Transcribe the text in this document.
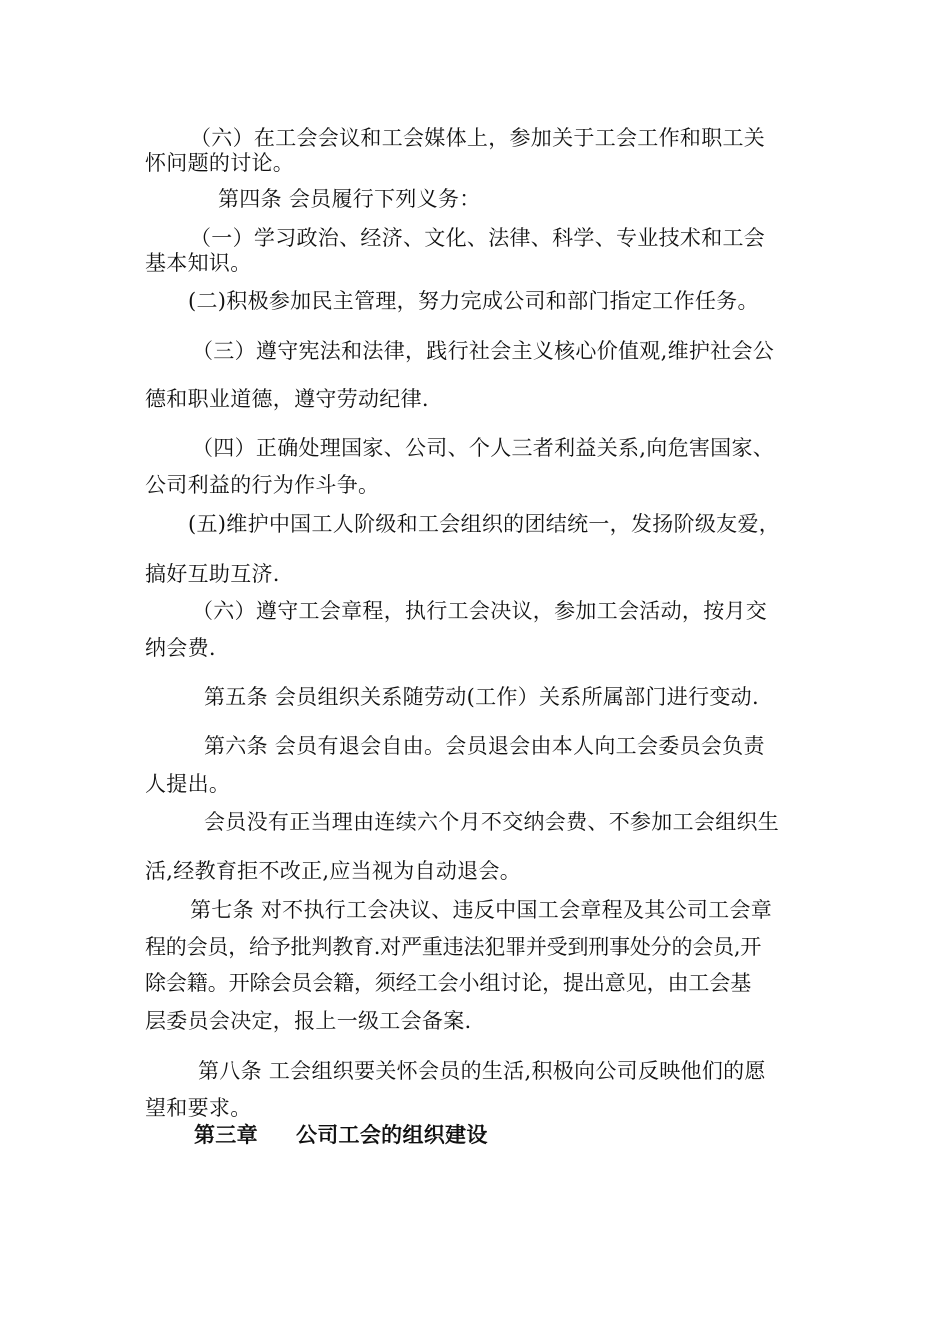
（六）在工会会议和工会媒体上，参加关于工会工作和职工关
怀问题的讨论。
第四条 会员履行下列义务：
（一）学习政治、经济、文化、法律、科学、专业技术和工会
基本知识。
(二)积极参加民主管理，努力完成公司和部门指定工作任务。
（三）遵守宪法和法律，践行社会主义核心价值观,维护社会公
德和职业道德，遵守劳动纪律.
（四）正确处理国家、公司、个人三者利益关系,向危害国家、
公司利益的行为作斗争。
(五)维护中国工人阶级和工会组织的团结统一，发扬阶级友爱，
搞好互助互济.
（六）遵守工会章程，执行工会决议，参加工会活动，按月交
纳会费.
第五条 会员组织关系随劳动(工作）关系所属部门进行变动.
第六条 会员有退会自由。会员退会由本人向工会委员会负责
人提出。
会员没有正当理由连续六个月不交纳会费、不参加工会组织生
活,经教育拒不改正,应当视为自动退会。
第七条 对不执行工会决议、违反中国工会章程及其公司工会章
程的会员，给予批判教育.对严重违法犯罪并受到刑事处分的会员,开
除会籍。开除会员会籍，须经工会小组讨论，提出意见，由工会基
层委员会决定，报上一级工会备案.
第八条 工会组织要关怀会员的生活,积极向公司反映他们的愿
望和要求。
第三章     公司工会的组织建设
